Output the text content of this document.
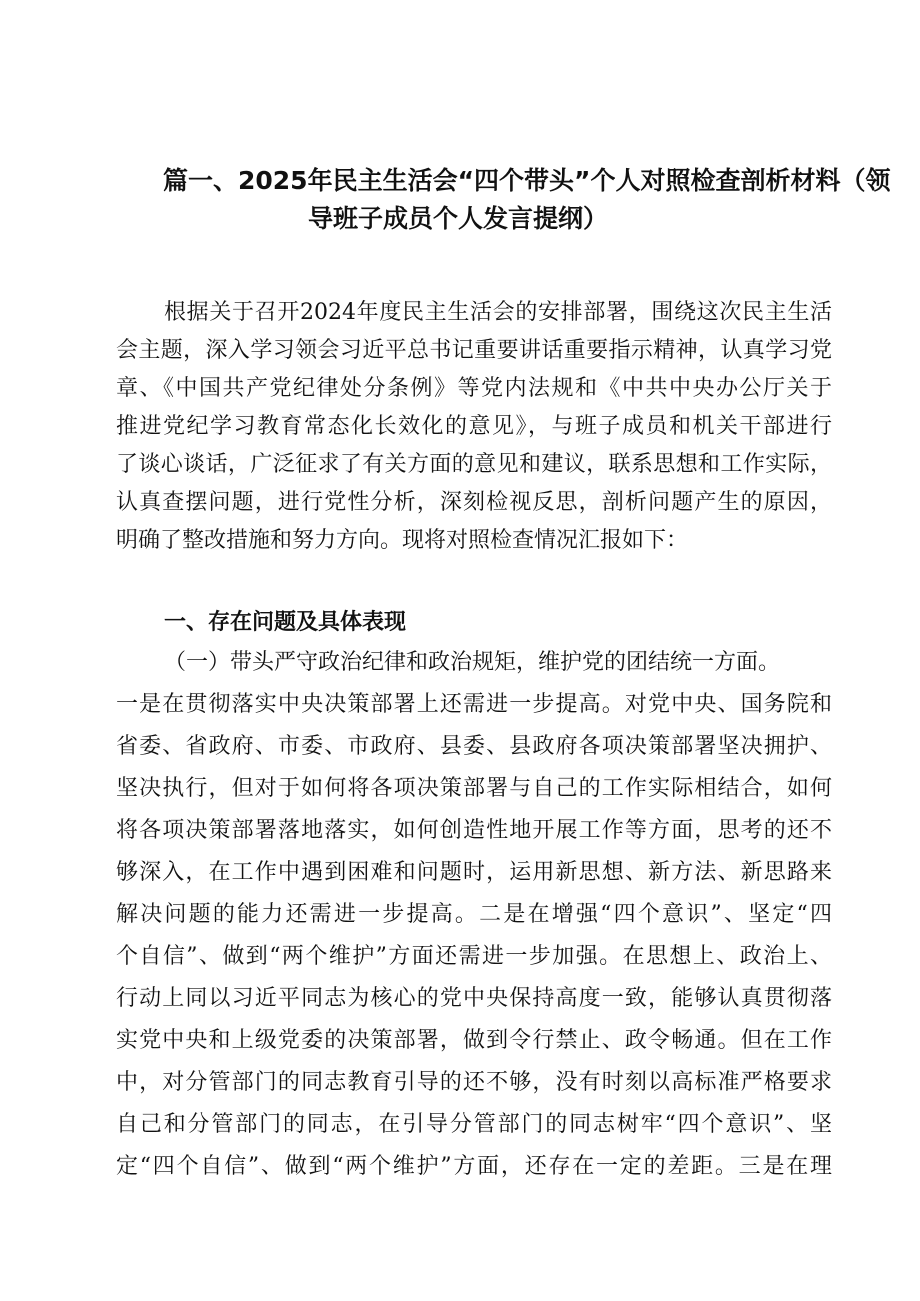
篇一、2025年民主生活会“四个带头”个人对照检查剖析材料（领
导班子成员个人发言提纲）
根据关于召开2024年度民主生活会的安排部署，围绕这次民主生活
会主题，深入学习领会习近平总书记重要讲话重要指示精神，认真学习党
章、《中国共产党纪律处分条例》等党内法规和《中共中央办公厅关于
推进党纪学习教育常态化长效化的意见》，与班子成员和机关干部进行
了谈心谈话，广泛征求了有关方面的意见和建议，联系思想和工作实际，
认真查摆问题，进行党性分析，深刻检视反思，剖析问题产生的原因，
明确了整改措施和努力方向。现将对照检查情况汇报如下：
一、存在问题及具体表现
（一）带头严守政治纪律和政治规矩，维护党的团结统一方面。
一是在贯彻落实中央决策部署上还需进一步提高。对党中央、国务院和
省委、省政府、市委、市政府、县委、县政府各项决策部署坚决拥护、
坚决执行，但对于如何将各项决策部署与自己的工作实际相结合，如何
将各项决策部署落地落实，如何创造性地开展工作等方面，思考的还不
够深入，在工作中遇到困难和问题时，运用新思想、新方法、新思路来
解决问题的能力还需进一步提高。二是在增强“四个意识”、坚定“四
个自信”、做到“两个维护”方面还需进一步加强。在思想上、政治上、
行动上同以习近平同志为核心的党中央保持高度一致，能够认真贯彻落
实党中央和上级党委的决策部署，做到令行禁止、政令畅通。但在工作
中，对分管部门的同志教育引导的还不够，没有时刻以高标准严格要求
自己和分管部门的同志，在引导分管部门的同志树牢“四个意识”、坚
定“四个自信”、做到“两个维护”方面，还存在一定的差距。三是在理
